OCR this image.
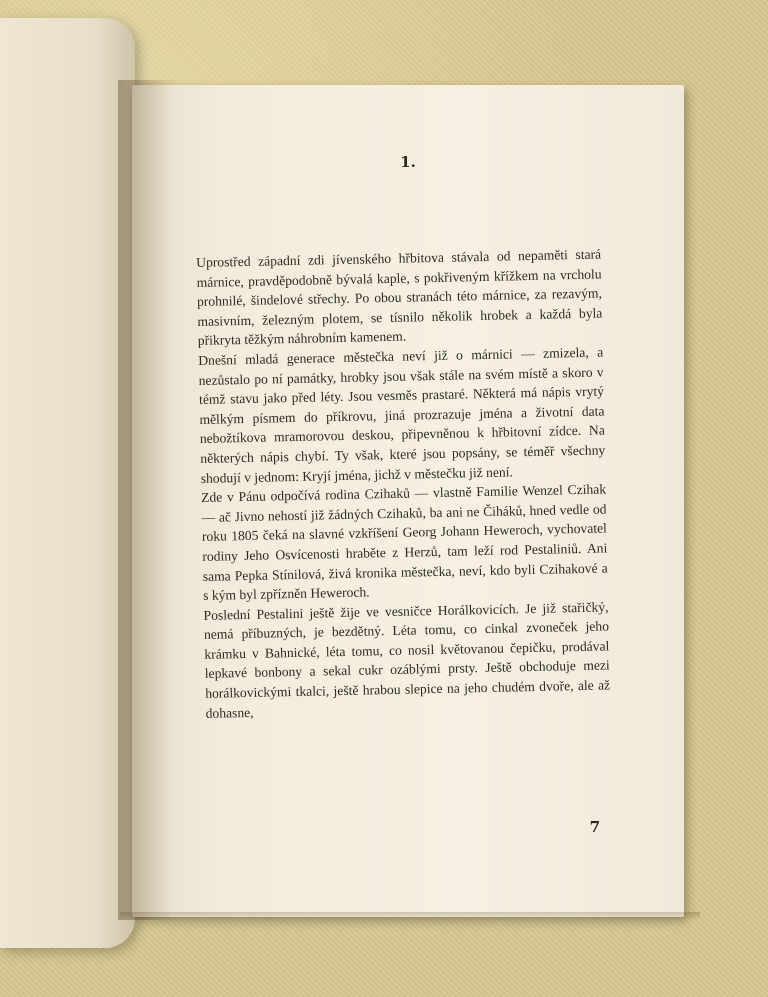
1.

Uprostřed západní zdi jívenského hřbitova stávala od nepaměti stará márnice, pravděpodobně bývalá kaple, s pokřiveným křížkem na vrcholu prohnilé, šindelové střechy. Po obou stranách této márnice, za rezavým, masivním, železným plotem, se tísnilo několik hrobek a každá byla přikryta těžkým náhrobním kamenem.

Dnešní mladá generace městečka neví již o márnici — zmizela, a nezůstalo po ní památky, hrobky jsou však stále na svém místě a skoro v témž stavu jako před léty. Jsou vesměs prastaré. Některá má nápis vrytý mělkým písmem do příkrovu, jiná prozrazuje jména a životní data nebožtíkova mramorovou deskou, připevněnou k hřbitovní zídce. Na některých nápis chybí. Ty však, které jsou popsány, se téměř všechny shodují v jednom: Kryjí jména, jichž v městečku již není.

Zde v Pánu odpočívá rodina Czihaků — vlastně Familie Wenzel Czihak — ač Jivno nehostí již žádných Czihaků, ba ani ne Čiháků, hned vedle od roku 1805 čeká na slavné vzkříšení Georg Johann Heweroch, vychovatel rodiny Jeho Osvícenosti hraběte z Herzů, tam leží rod Pestaliniů. Ani sama Pepka Stínilová, živá kronika městečka, neví, kdo byli Czihakové a s kým byl zpřízněn Heweroch.

Poslední Pestalini ještě žije ve vesničce Horálkovicích. Je již stařičký, nemá příbuzných, je bezdětný. Léta tomu, co cinkal zvoneček jeho krámku v Bahnické, léta tomu, co nosil květovanou čepičku, prodával lepkavé bonbony a sekal cukr ozáblými prsty. Ještě obchoduje mezi horálkovickými tkalci, ještě hrabou slepice na jeho chudém dvoře, ale až dohasne,

7
